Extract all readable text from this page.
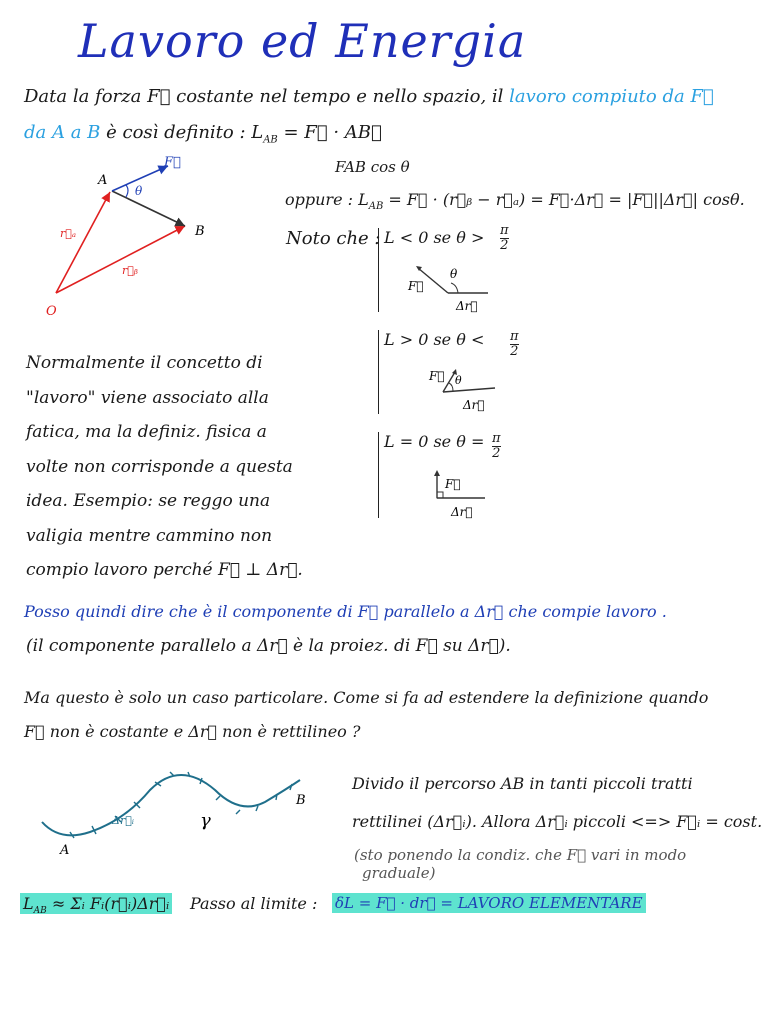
Lavoro ed Energia
Data la forza F⃗ costante nel tempo e nello spazio, il lavoro compiuto da F⃗
da A a B è così definito : $L_{AB}$ = F⃗ · AB⃗
FAB cos θ
A
B
O
F⃗
θ
r⃗ₐ
r⃗ᵦ
oppure : $L_{AB}$ = F⃗ · (r⃗ᵦ − r⃗ₐ) = F⃗·Δr⃗ = |F⃗||Δr⃗| cosθ.
Noto che : L < 0 se $\theta > \frac{\pi}{2}$
F⃗
θ
Δr⃗
L > 0 se $\theta < \frac{\pi}{2}$
F⃗ θ
Δr⃗
L = 0 se $\theta = \frac{\pi}{2}$
F⃗
Δr⃗
Normalmente il concetto di
"lavoro" viene associato alla
fatica, ma la definiz. fisica a
volte non corrisponde a questa
idea. Esempio: se reggo una
valigia mentre cammino non
compio lavoro perché F⃗ ⊥ Δr⃗.
Posso quindi dire che è il componente di F⃗ parallelo a Δr⃗ che compie lavoro .
(il componente parallelo a Δr⃗ è la proiez. di F⃗ su Δr⃗).
Ma questo è solo un caso particolare. Come si fa ad estendere la definizione quando
F⃗ non è costante e Δr⃗ non è rettilineo ?
A
B
Δr⃗ᵢ	γ
Divido il percorso AB in tanti piccoli tratti
rettilinei (Δr⃗ᵢ). Allora Δr⃗ᵢ piccoli <=> F⃗ᵢ = cost.
(sto ponendo la condiz. che F⃗ vari in modo
graduale)
$L_{AB}$ ≈ Σᵢ Fᵢ(r⃗ᵢ)Δr⃗ᵢ Passo al limite : δL = F⃗ · dr⃗ = LAVORO ELEMENTARE
